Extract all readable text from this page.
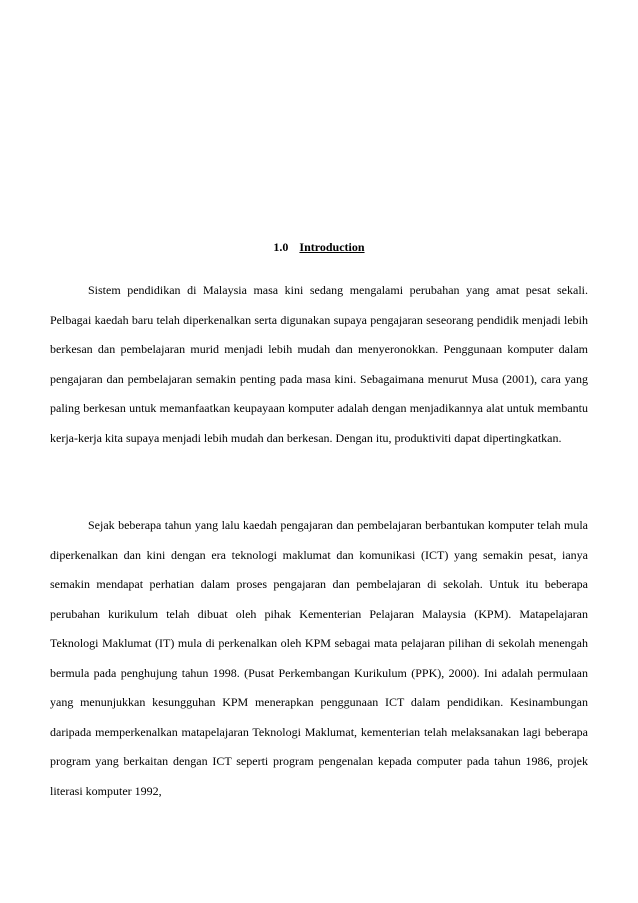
1.0 Introduction

Sistem pendidikan di Malaysia masa kini sedang mengalami perubahan yang amat pesat sekali. Pelbagai kaedah baru telah diperkenalkan serta digunakan supaya pengajaran seseorang pendidik menjadi lebih berkesan dan pembelajaran murid menjadi lebih mudah dan menyeronokkan. Penggunaan komputer dalam pengajaran dan pembelajaran semakin penting pada masa kini. Sebagaimana menurut Musa (2001), cara yang paling berkesan untuk memanfaatkan keupayaan komputer adalah dengan menjadikannya alat untuk membantu kerja-kerja kita supaya menjadi lebih mudah dan berkesan. Dengan itu, produktiviti dapat dipertingkatkan.

Sejak beberapa tahun yang lalu kaedah pengajaran dan pembelajaran berbantukan komputer telah mula diperkenalkan dan kini dengan era teknologi maklumat dan komunikasi (ICT) yang semakin pesat, ianya semakin mendapat perhatian dalam proses pengajaran dan pembelajaran di sekolah. Untuk itu beberapa perubahan kurikulum telah dibuat oleh pihak Kementerian Pelajaran Malaysia (KPM). Matapelajaran Teknologi Maklumat (IT) mula di perkenalkan oleh KPM sebagai mata pelajaran pilihan di sekolah menengah bermula pada penghujung tahun 1998. (Pusat Perkembangan Kurikulum (PPK), 2000). Ini adalah permulaan yang menunjukkan kesungguhan KPM menerapkan penggunaan ICT dalam pendidikan. Kesinambungan daripada memperkenalkan matapelajaran Teknologi Maklumat, kementerian telah melaksanakan lagi beberapa program yang berkaitan dengan ICT seperti program pengenalan kepada computer pada tahun 1986, projek literasi komputer 1992,
